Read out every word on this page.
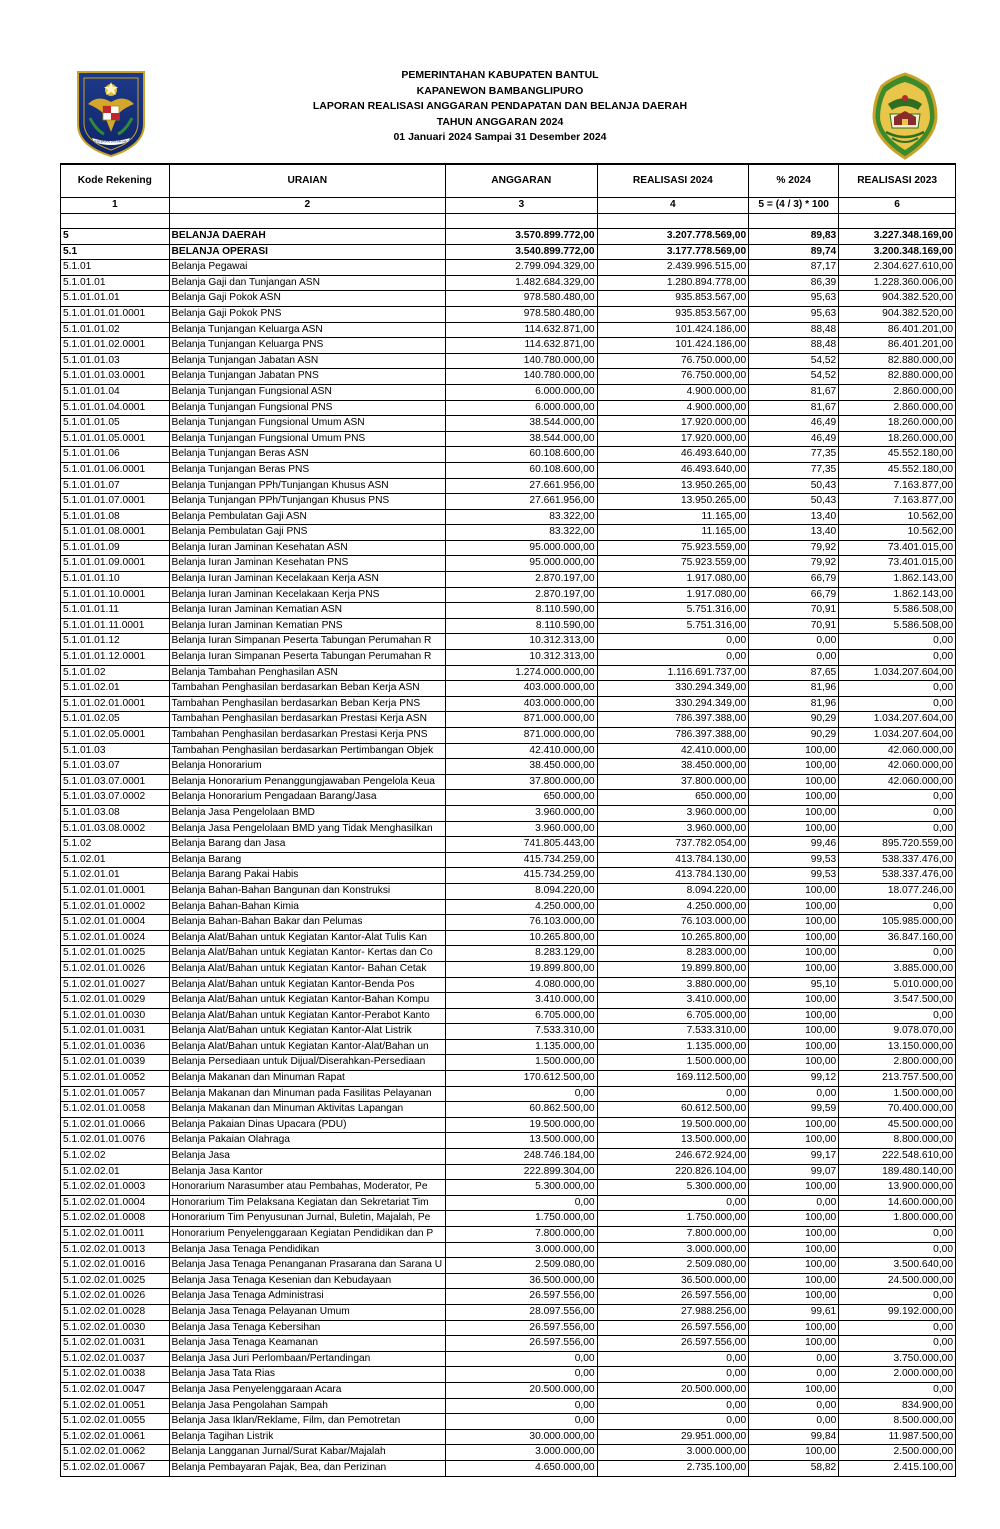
KEMENTERIAN DALAM NEGERI
PEMERINTAHAN KABUPATEN BANTUL
KAPANEWON BAMBANGLIPURO
LAPORAN REALISASI ANGGARAN PENDAPATAN DAN BELANJA DAERAH
TAHUN ANGGARAN 2024
01 Januari 2024 Sampai 31 Desember 2024
Kode Rekening	URAIAN	ANGGARAN	REALISASI 2024	% 2024	REALISASI 2023
1	2	3	4	5 = (4 / 3) * 100	6

5	BELANJA DAERAH	3.570.899.772,00	3.207.778.569,00	89,83	3.227.348.169,00
5.1	BELANJA OPERASI	3.540.899.772,00	3.177.778.569,00	89,74	3.200.348.169,00
5.1.01	Belanja Pegawai	2.799.094.329,00	2.439.996.515,00	87,17	2.304.627.610,00
5.1.01.01	Belanja Gaji dan Tunjangan ASN	1.482.684.329,00	1.280.894.778,00	86,39	1.228.360.006,00
5.1.01.01.01	Belanja Gaji Pokok ASN	978.580.480,00	935.853.567,00	95,63	904.382.520,00
5.1.01.01.01.0001	Belanja Gaji Pokok PNS	978.580.480,00	935.853.567,00	95,63	904.382.520,00
5.1.01.01.02	Belanja Tunjangan Keluarga ASN	114.632.871,00	101.424.186,00	88,48	86.401.201,00
5.1.01.01.02.0001	Belanja Tunjangan Keluarga PNS	114.632.871,00	101.424.186,00	88,48	86.401.201,00
5.1.01.01.03	Belanja Tunjangan Jabatan ASN	140.780.000,00	76.750.000,00	54,52	82.880.000,00
5.1.01.01.03.0001	Belanja Tunjangan Jabatan PNS	140.780.000,00	76.750.000,00	54,52	82.880.000,00
5.1.01.01.04	Belanja Tunjangan Fungsional ASN	6.000.000,00	4.900.000,00	81,67	2.860.000,00
5.1.01.01.04.0001	Belanja Tunjangan Fungsional PNS	6.000.000,00	4.900.000,00	81,67	2.860.000,00
5.1.01.01.05	Belanja Tunjangan Fungsional Umum ASN	38.544.000,00	17.920.000,00	46,49	18.260.000,00
5.1.01.01.05.0001	Belanja Tunjangan Fungsional Umum PNS	38.544.000,00	17.920.000,00	46,49	18.260.000,00
5.1.01.01.06	Belanja Tunjangan Beras ASN	60.108.600,00	46.493.640,00	77,35	45.552.180,00
5.1.01.01.06.0001	Belanja Tunjangan Beras PNS	60.108.600,00	46.493.640,00	77,35	45.552.180,00
5.1.01.01.07	Belanja Tunjangan PPh/Tunjangan Khusus ASN	27.661.956,00	13.950.265,00	50,43	7.163.877,00
5.1.01.01.07.0001	Belanja Tunjangan PPh/Tunjangan Khusus PNS	27.661.956,00	13.950.265,00	50,43	7.163.877,00
5.1.01.01.08	Belanja Pembulatan Gaji ASN	83.322,00	11.165,00	13,40	10.562,00
5.1.01.01.08.0001	Belanja Pembulatan Gaji PNS	83.322,00	11.165,00	13,40	10.562,00
5.1.01.01.09	Belanja Iuran Jaminan Kesehatan ASN	95.000.000,00	75.923.559,00	79,92	73.401.015,00
5.1.01.01.09.0001	Belanja Iuran Jaminan Kesehatan PNS	95.000.000,00	75.923.559,00	79,92	73.401.015,00
5.1.01.01.10	Belanja Iuran Jaminan Kecelakaan Kerja ASN	2.870.197,00	1.917.080,00	66,79	1.862.143,00
5.1.01.01.10.0001	Belanja Iuran Jaminan Kecelakaan Kerja PNS	2.870.197,00	1.917.080,00	66,79	1.862.143,00
5.1.01.01.11	Belanja Iuran Jaminan Kematian ASN	8.110.590,00	5.751.316,00	70,91	5.586.508,00
5.1.01.01.11.0001	Belanja Iuran Jaminan Kematian PNS	8.110.590,00	5.751.316,00	70,91	5.586.508,00
5.1.01.01.12	Belanja Iuran Simpanan Peserta Tabungan Perumahan R	10.312.313,00	0,00	0,00	0,00
5.1.01.01.12.0001	Belanja Iuran Simpanan Peserta Tabungan Perumahan R	10.312.313,00	0,00	0,00	0,00
5.1.01.02	Belanja Tambahan Penghasilan ASN	1.274.000.000,00	1.116.691.737,00	87,65	1.034.207.604,00
5.1.01.02.01	Tambahan Penghasilan berdasarkan Beban Kerja ASN	403.000.000,00	330.294.349,00	81,96	0,00
5.1.01.02.01.0001	Tambahan Penghasilan berdasarkan Beban Kerja PNS	403.000.000,00	330.294.349,00	81,96	0,00
5.1.01.02.05	Tambahan Penghasilan berdasarkan Prestasi Kerja ASN	871.000.000,00	786.397.388,00	90,29	1.034.207.604,00
5.1.01.02.05.0001	Tambahan Penghasilan berdasarkan Prestasi Kerja PNS	871.000.000,00	786.397.388,00	90,29	1.034.207.604,00
5.1.01.03	Tambahan Penghasilan berdasarkan Pertimbangan Objek	42.410.000,00	42.410.000,00	100,00	42.060.000,00
5.1.01.03.07	Belanja Honorarium	38.450.000,00	38.450.000,00	100,00	42.060.000,00
5.1.01.03.07.0001	Belanja Honorarium Penanggungjawaban Pengelola Keua	37.800.000,00	37.800.000,00	100,00	42.060.000,00
5.1.01.03.07.0002	Belanja Honorarium Pengadaan Barang/Jasa	650.000,00	650.000,00	100,00	0,00
5.1.01.03.08	Belanja Jasa Pengelolaan BMD	3.960.000,00	3.960.000,00	100,00	0,00
5.1.01.03.08.0002	Belanja Jasa Pengelolaan BMD yang Tidak Menghasilkan	3.960.000,00	3.960.000,00	100,00	0,00
5.1.02	Belanja Barang dan Jasa	741.805.443,00	737.782.054,00	99,46	895.720.559,00
5.1.02.01	Belanja Barang	415.734.259,00	413.784.130,00	99,53	538.337.476,00
5.1.02.01.01	Belanja Barang Pakai Habis	415.734.259,00	413.784.130,00	99,53	538.337.476,00
5.1.02.01.01.0001	Belanja Bahan-Bahan Bangunan dan Konstruksi	8.094.220,00	8.094.220,00	100,00	18.077.246,00
5.1.02.01.01.0002	Belanja Bahan-Bahan Kimia	4.250.000,00	4.250.000,00	100,00	0,00
5.1.02.01.01.0004	Belanja Bahan-Bahan Bakar dan Pelumas	76.103.000,00	76.103.000,00	100,00	105.985.000,00
5.1.02.01.01.0024	Belanja Alat/Bahan untuk Kegiatan Kantor-Alat Tulis Kan	10.265.800,00	10.265.800,00	100,00	36.847.160,00
5.1.02.01.01.0025	Belanja Alat/Bahan untuk Kegiatan Kantor- Kertas dan Co	8.283.129,00	8.283.000,00	100,00	0,00
5.1.02.01.01.0026	Belanja Alat/Bahan untuk Kegiatan Kantor- Bahan Cetak	19.899.800,00	19.899.800,00	100,00	3.885.000,00
5.1.02.01.01.0027	Belanja Alat/Bahan untuk Kegiatan Kantor-Benda Pos	4.080.000,00	3.880.000,00	95,10	5.010.000,00
5.1.02.01.01.0029	Belanja Alat/Bahan untuk Kegiatan Kantor-Bahan Kompu	3.410.000,00	3.410.000,00	100,00	3.547.500,00
5.1.02.01.01.0030	Belanja Alat/Bahan untuk Kegiatan Kantor-Perabot Kanto	6.705.000,00	6.705.000,00	100,00	0,00
5.1.02.01.01.0031	Belanja Alat/Bahan untuk Kegiatan Kantor-Alat Listrik	7.533.310,00	7.533.310,00	100,00	9.078.070,00
5.1.02.01.01.0036	Belanja Alat/Bahan untuk Kegiatan Kantor-Alat/Bahan un	1.135.000,00	1.135.000,00	100,00	13.150.000,00
5.1.02.01.01.0039	Belanja Persediaan untuk Dijual/Diserahkan-Persediaan	1.500.000,00	1.500.000,00	100,00	2.800.000,00
5.1.02.01.01.0052	Belanja Makanan dan Minuman Rapat	170.612.500,00	169.112.500,00	99,12	213.757.500,00
5.1.02.01.01.0057	Belanja Makanan dan Minuman pada Fasilitas Pelayanan	0,00	0,00	0,00	1.500.000,00
5.1.02.01.01.0058	Belanja Makanan dan Minuman Aktivitas Lapangan	60.862.500,00	60.612.500,00	99,59	70.400.000,00
5.1.02.01.01.0066	Belanja Pakaian Dinas Upacara (PDU)	19.500.000,00	19.500.000,00	100,00	45.500.000,00
5.1.02.01.01.0076	Belanja Pakaian Olahraga	13.500.000,00	13.500.000,00	100,00	8.800.000,00
5.1.02.02	Belanja Jasa	248.746.184,00	246.672.924,00	99,17	222.548.610,00
5.1.02.02.01	Belanja Jasa Kantor	222.899.304,00	220.826.104,00	99,07	189.480.140,00
5.1.02.02.01.0003	Honorarium Narasumber atau Pembahas, Moderator, Pe	5.300.000,00	5.300.000,00	100,00	13.900.000,00
5.1.02.02.01.0004	Honorarium Tim Pelaksana Kegiatan dan Sekretariat Tim	0,00	0,00	0,00	14.600.000,00
5.1.02.02.01.0008	Honorarium Tim Penyusunan Jurnal, Buletin, Majalah, Pe	1.750.000,00	1.750.000,00	100,00	1.800.000,00
5.1.02.02.01.0011	Honorarium Penyelenggaraan Kegiatan Pendidikan dan P	7.800.000,00	7.800.000,00	100,00	0,00
5.1.02.02.01.0013	Belanja Jasa Tenaga Pendidikan	3.000.000,00	3.000.000,00	100,00	0,00
5.1.02.02.01.0016	Belanja Jasa Tenaga Penanganan Prasarana dan Sarana U	2.509.080,00	2.509.080,00	100,00	3.500.640,00
5.1.02.02.01.0025	Belanja Jasa Tenaga Kesenian dan Kebudayaan	36.500.000,00	36.500.000,00	100,00	24.500.000,00
5.1.02.02.01.0026	Belanja Jasa Tenaga Administrasi	26.597.556,00	26.597.556,00	100,00	0,00
5.1.02.02.01.0028	Belanja Jasa Tenaga Pelayanan Umum	28.097.556,00	27.988.256,00	99,61	99.192.000,00
5.1.02.02.01.0030	Belanja Jasa Tenaga Kebersihan	26.597.556,00	26.597.556,00	100,00	0,00
5.1.02.02.01.0031	Belanja Jasa Tenaga Keamanan	26.597.556,00	26.597.556,00	100,00	0,00
5.1.02.02.01.0037	Belanja Jasa Juri Perlombaan/Pertandingan	0,00	0,00	0,00	3.750.000,00
5.1.02.02.01.0038	Belanja Jasa Tata Rias	0,00	0,00	0,00	2.000.000,00
5.1.02.02.01.0047	Belanja Jasa Penyelenggaraan Acara	20.500.000,00	20.500.000,00	100,00	0,00
5.1.02.02.01.0051	Belanja Jasa Pengolahan Sampah	0,00	0,00	0,00	834.900,00
5.1.02.02.01.0055	Belanja Jasa Iklan/Reklame, Film, dan Pemotretan	0,00	0,00	0,00	8.500.000,00
5.1.02.02.01.0061	Belanja Tagihan Listrik	30.000.000,00	29.951.000,00	99,84	11.987.500,00
5.1.02.02.01.0062	Belanja Langganan Jurnal/Surat Kabar/Majalah	3.000.000,00	3.000.000,00	100,00	2.500.000,00
5.1.02.02.01.0067	Belanja Pembayaran Pajak, Bea, dan Perizinan	4.650.000,00	2.735.100,00	58,82	2.415.100,00
